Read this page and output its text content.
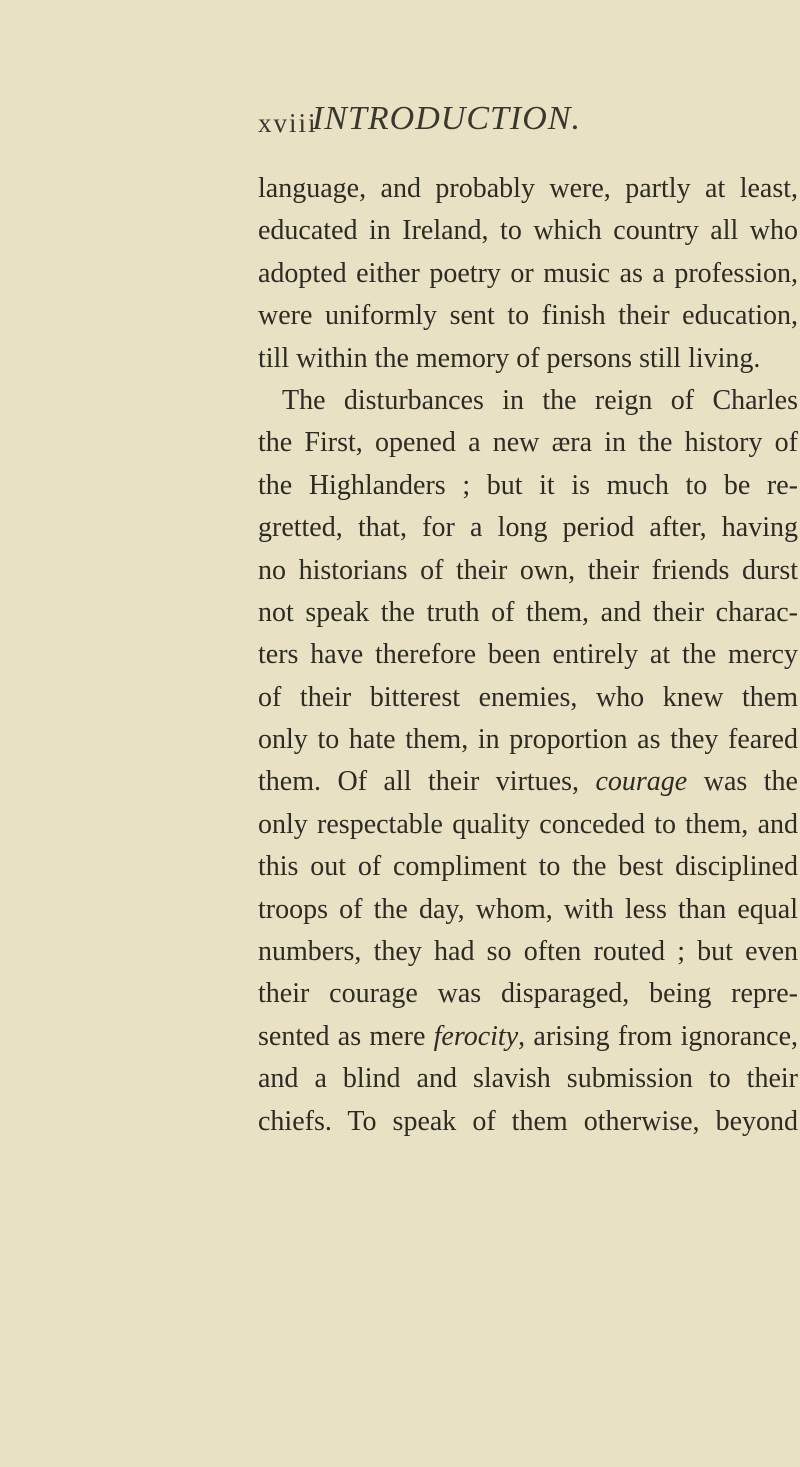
xviii
INTRODUCTION.
language, and probably were, partly at least,
educated in Ireland, to which country all who
adopted either poetry or music as a profession,
were uniformly sent to finish their education,
till within the memory of persons still living.
The disturbances in the reign of Charles
the First, opened a new æra in the history of
the Highlanders ; but it is much to be re-
gretted, that, for a long period after, having
no historians of their own, their friends durst
not speak the truth of them, and their charac-
ters have therefore been entirely at the mercy
of their bitterest enemies, who knew them
only to hate them, in proportion as they feared
them. Of all their virtues, courage was the
only respectable quality conceded to them, and
this out of compliment to the best disciplined
troops of the day, whom, with less than equal
numbers, they had so often routed ; but even
their courage was disparaged, being repre-
sented as mere ferocity, arising from ignorance,
and a blind and slavish submission to their
chiefs. To speak of them otherwise, beyond
